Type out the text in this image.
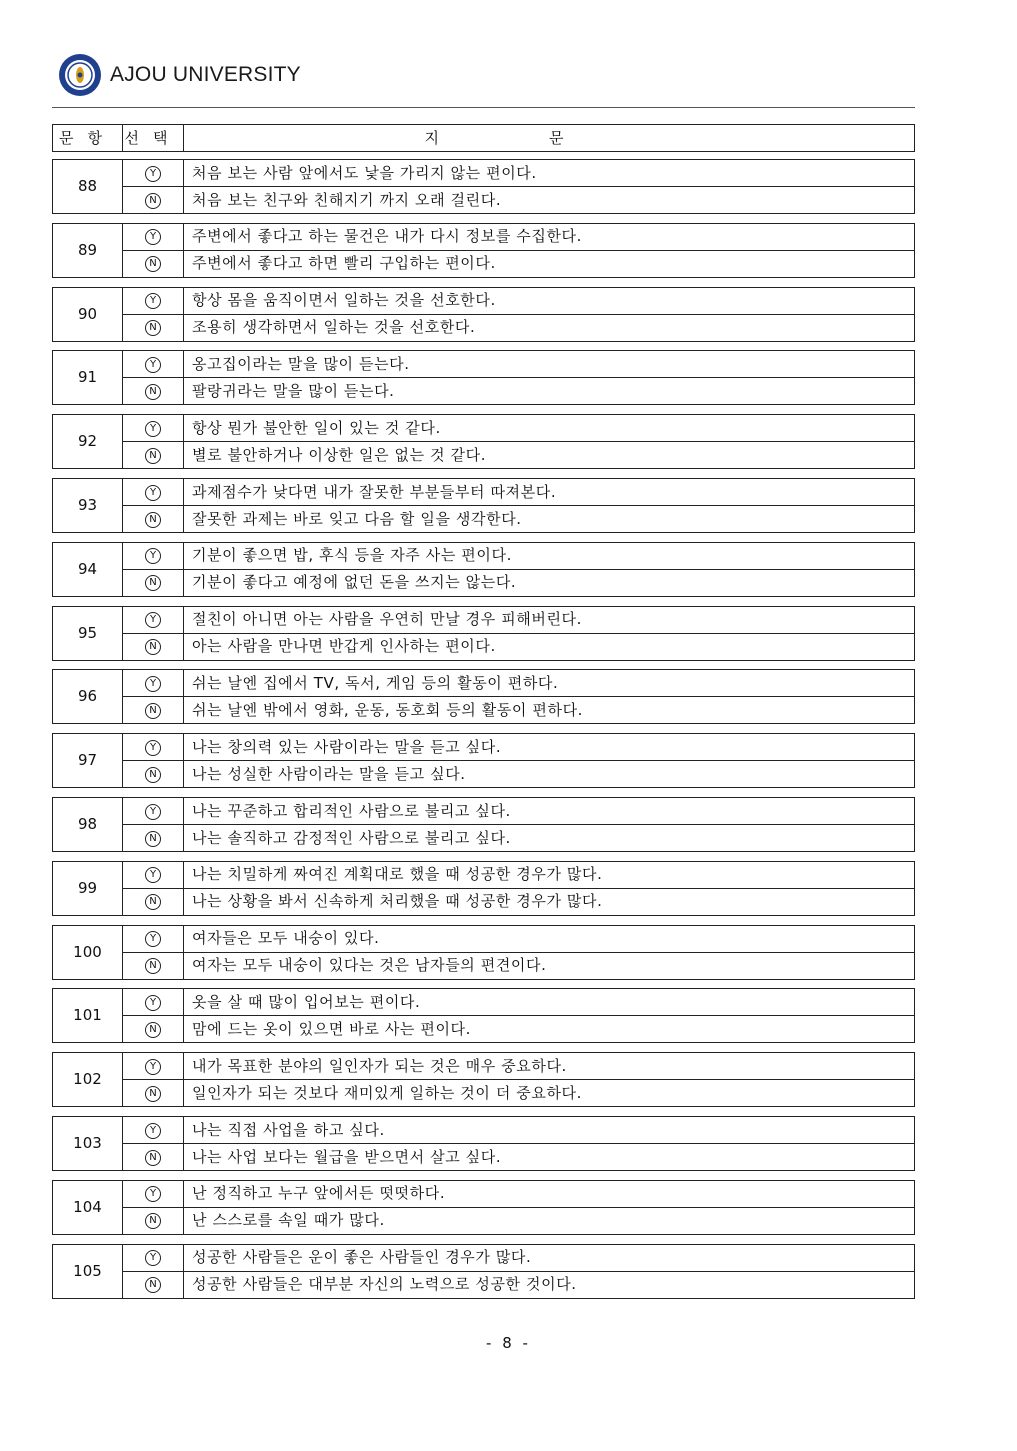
AJOU UNIVERSITY
문항	선택	지문
88	Y	처음 보는 사람 앞에서도 낯을 가리지 않는 편이다.
	N	처음 보는 친구와 친해지기 까지 오래 걸린다.
89	Y	주변에서 좋다고 하는 물건은 내가 다시 정보를 수집한다.
	N	주변에서 좋다고 하면 빨리 구입하는 편이다.
90	Y	항상 몸을 움직이면서 일하는 것을 선호한다.
	N	조용히 생각하면서 일하는 것을 선호한다.
91	Y	옹고집이라는 말을 많이 듣는다.
	N	팔랑귀라는 말을 많이 듣는다.
92	Y	항상 뭔가 불안한 일이 있는 것 같다.
	N	별로 불안하거나 이상한 일은 없는 것 같다.
93	Y	과제점수가 낮다면 내가 잘못한 부분들부터 따져본다.
	N	잘못한 과제는 바로 잊고 다음 할 일을 생각한다.
94	Y	기분이 좋으면 밥, 후식 등을 자주 사는 편이다.
	N	기분이 좋다고 예정에 없던 돈을 쓰지는 않는다.
95	Y	절친이 아니면 아는 사람을 우연히 만날 경우 피해버린다.
	N	아는 사람을 만나면 반갑게 인사하는 편이다.
96	Y	쉬는 날엔 집에서 TV, 독서, 게임 등의 활동이 편하다.
	N	쉬는 날엔 밖에서 영화, 운동, 동호회 등의 활동이 편하다.
97	Y	나는 창의력 있는 사람이라는 말을 듣고 싶다.
	N	나는 성실한 사람이라는 말을 듣고 싶다.
98	Y	나는 꾸준하고 합리적인 사람으로 불리고 싶다.
	N	나는 솔직하고 감정적인 사람으로 불리고 싶다.
99	Y	나는 치밀하게 짜여진 계획대로 했을 때 성공한 경우가 많다.
	N	나는 상황을 봐서 신속하게 처리했을 때 성공한 경우가 많다.
100	Y	여자들은 모두 내숭이 있다.
	N	여자는 모두 내숭이 있다는 것은 남자들의 편견이다.
101	Y	옷을 살 때 많이 입어보는 편이다.
	N	맘에 드는 옷이 있으면 바로 사는 편이다.
102	Y	내가 목표한 분야의 일인자가 되는 것은 매우 중요하다.
	N	일인자가 되는 것보다 재미있게 일하는 것이 더 중요하다.
103	Y	나는 직접 사업을 하고 싶다.
	N	나는 사업 보다는 월급을 받으면서 살고 싶다.
104	Y	난 정직하고 누구 앞에서든 떳떳하다.
	N	난 스스로를 속일 때가 많다.
105	Y	성공한 사람들은 운이 좋은 사람들인 경우가 많다.
	N	성공한 사람들은 대부분 자신의 노력으로 성공한 것이다.
- 8 -
